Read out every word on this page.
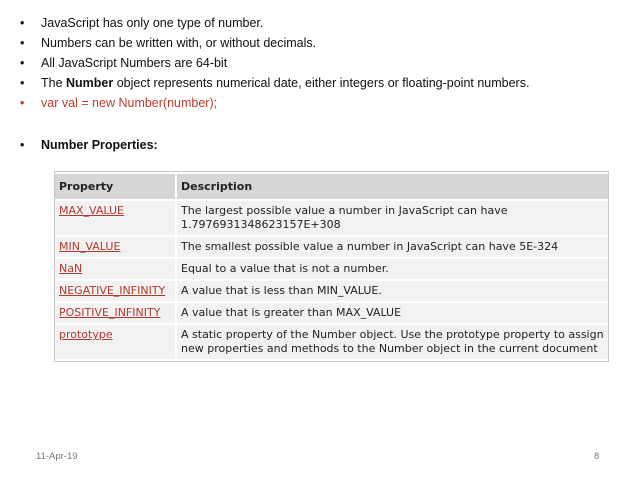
• JavaScript has only one type of number.
• Numbers can be written with, or without decimals.
• All JavaScript Numbers are 64-bit
• The Number object represents numerical date, either integers or floating-point numbers.
• var val = new Number(number);
• Number Properties:
Property	Description
MAX_VALUE	The largest possible value a number in JavaScript can have 1.7976931348623157E+308
MIN_VALUE	The smallest possible value a number in JavaScript can have 5E-324
NaN	Equal to a value that is not a number.
NEGATIVE_INFINITY	A value that is less than MIN_VALUE.
POSITIVE_INFINITY	A value that is greater than MAX_VALUE
prototype	A static property of the Number object. Use the prototype property to assign new properties and methods to the Number object in the current document
11-Apr-19	8
